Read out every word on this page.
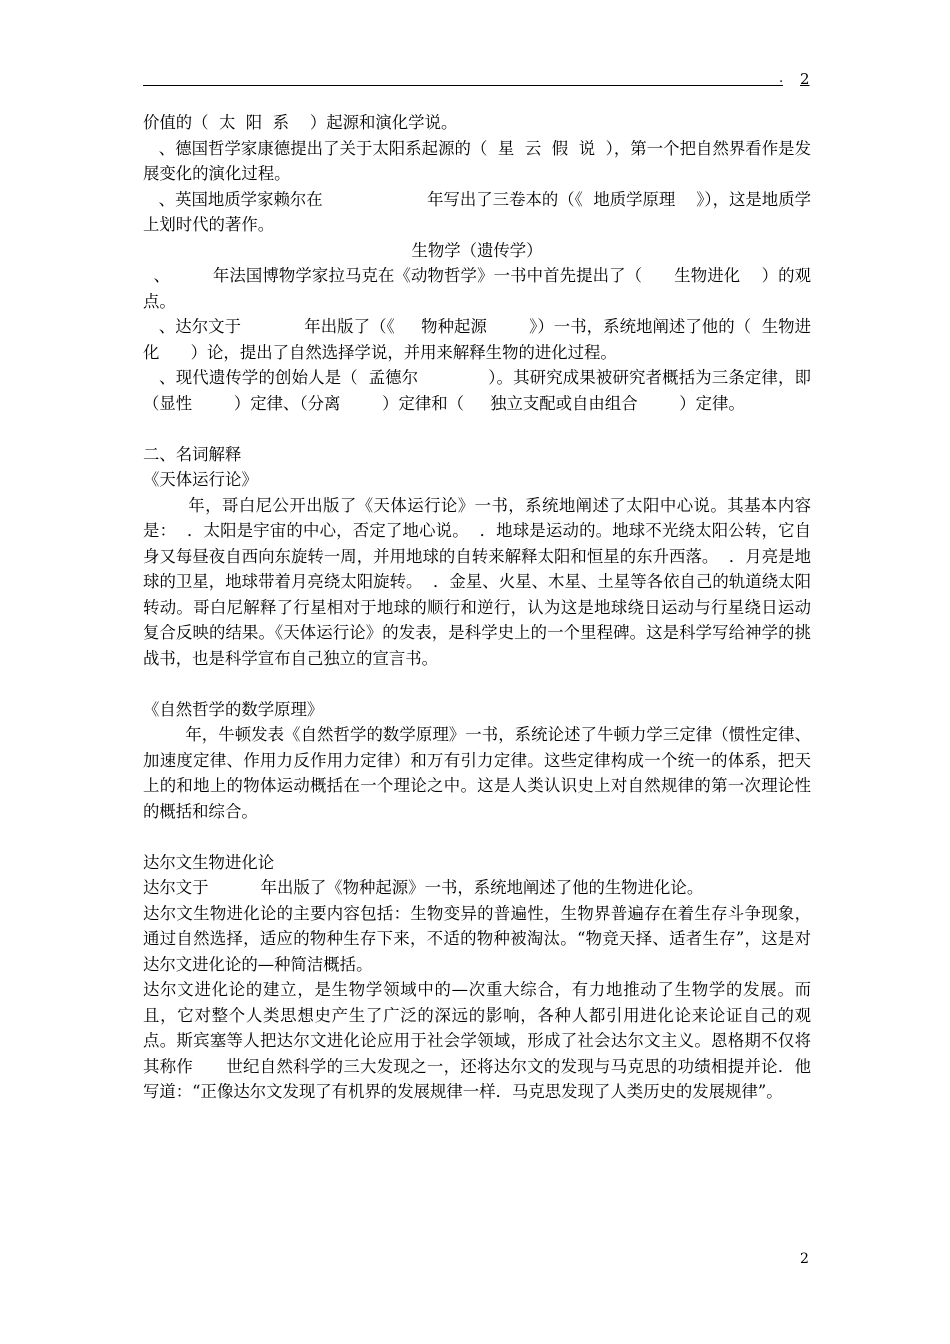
. 2

价值的（  太  阳  系    ）起源和演化学说。

、德国哲学家康德提出了关于太阳系起源的（  星  云  假  说  ），第一个把自然界看作是发展变化的演化过程。

、英国地质学家赖尔在                    年写出了三卷本的（《  地质学原理    》），这是地质学上划时代的著作。

生物学（遗传学）

、        年法国博物学家拉马克在《动物哲学》一书中首先提出了（      生物进化    ）的观点。

、达尔文于            年出版了（《     物种起源        》）一书，系统地阐述了他的（  生物进化      ）论，提出了自然选择学说，并用来解释生物的进化过程。

、现代遗传学的创始人是（  孟德尔             ）。其研究成果被研究者概括为三条定律，即（显性        ）定律、（分离        ）定律和（     独立支配或自由组合        ）定律。

二、名词解释

《天体运行论》

年，哥白尼公开出版了《天体运行论》一书，系统地阐述了太阳中心说。其基本内容是：  ．太阳是宇宙的中心，否定了地心说。  ．地球是运动的。地球不光绕太阳公转，它自身又每昼夜自西向东旋转一周，并用地球的自转来解释太阳和恒星的东升西落。  ．月亮是地球的卫星，地球带着月亮绕太阳旋转。  ．金星、火星、木星、土星等各依自己的轨道绕太阳转动。哥白尼解释了行星相对于地球的顺行和逆行，认为这是地球绕日运动与行星绕日运动复合反映的结果。《天体运行论》的发表，是科学史上的一个里程碑。这是科学写给神学的挑战书，也是科学宣布自己独立的宣言书。

《自然哲学的数学原理》

年，牛顿发表《自然哲学的数学原理》一书，系统论述了牛顿力学三定律（惯性定律、加速度定律、作用力反作用力定律）和万有引力定律。这些定律构成一个统一的体系，把天上的和地上的物体运动概括在一个理论之中。这是人类认识史上对自然规律的第一次理论性的概括和综合。

达尔文生物进化论

达尔文于          年出版了《物种起源》一书，系统地阐述了他的生物进化论。

达尔文生物进化论的主要内容包括：生物变异的普遍性，生物界普遍存在着生存斗争现象，通过自然选择，适应的物种生存下来，不适的物种被淘汰。“物竞天择、适者生存”，这是对达尔文进化论的—种简洁概括。

达尔文进化论的建立，是生物学领域中的—次重大综合，有力地推动了生物学的发展。而且，它对整个人类思想史产生了广泛的深远的影响，各种人都引用进化论来论证自己的观点。斯宾塞等人把达尔文进化论应用于社会学领域，形成了社会达尔文主义。恩格期不仅将其称作      世纪自然科学的三大发现之一，还将达尔文的发现与马克思的功绩相提并论．他写道：“正像达尔文发现了有机界的发展规律一样．马克思发现了人类历史的发展规律”。

2
